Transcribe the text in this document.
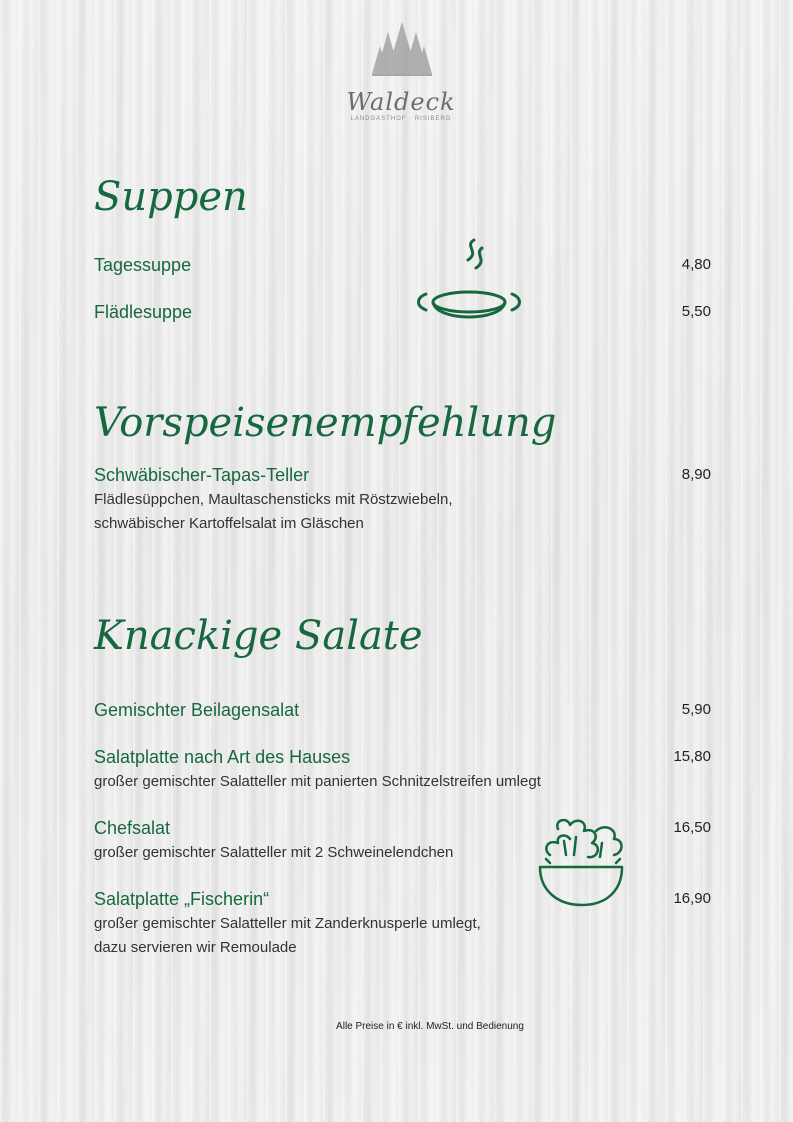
Waldeck
LANDGASTHOF · RISIBERG
Suppen
Tagessuppe	4,80
Flädlesuppe	5,50
Vorspeisenempfehlung
Schwäbischer-Tapas-Teller	8,90
Flädlesüppchen, Maultaschensticks mit Röstzwiebeln,
schwäbischer Kartoffelsalat im Gläschen
Knackige Salate
Gemischter Beilagensalat	5,90
Salatplatte nach Art des Hauses	15,80
großer gemischter Salatteller mit panierten Schnitzelstreifen umlegt
Chefsalat	16,50
großer gemischter Salatteller mit 2 Schweinelendchen
Salatplatte „Fischerin“	16,90
großer gemischter Salatteller mit Zanderknusperle umlegt,
dazu servieren wir Remoulade
Alle Preise in € inkl. MwSt. und Bedienung
